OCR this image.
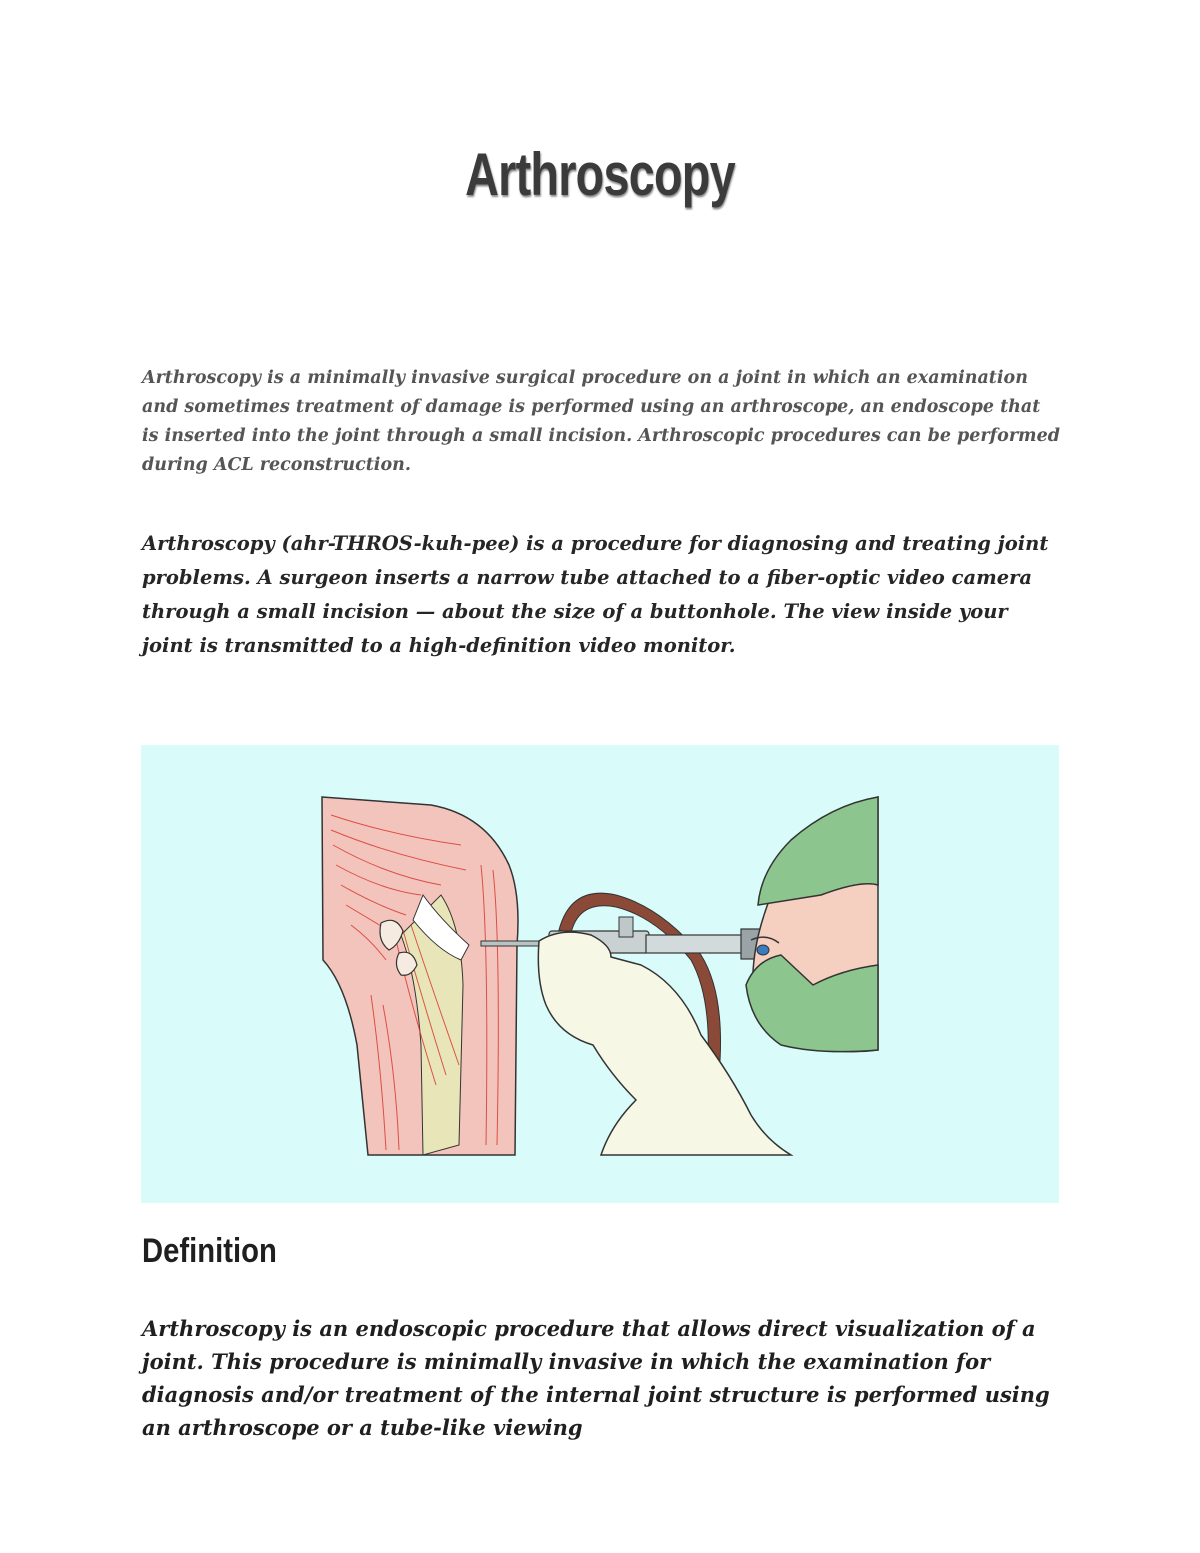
Arthroscopy

Arthroscopy is a minimally invasive surgical procedure on a joint in which an examination and sometimes treatment of damage is performed using an arthroscope, an endoscope that is inserted into the joint through a small incision. Arthroscopic procedures can be performed during ACL reconstruction.

Arthroscopy (ahr-THROS-kuh-pee) is a procedure for diagnosing and treating joint problems. A surgeon inserts a narrow tube attached to a fiber-optic video camera through a small incision — about the size of a buttonhole. The view inside your joint is transmitted to a high-definition video monitor.

Definition

Arthroscopy is an endoscopic procedure that allows direct visualization of a joint. This procedure is minimally invasive in which the examination for diagnosis and/or treatment of the internal joint structure is performed using an arthroscope or a tube-like viewing
